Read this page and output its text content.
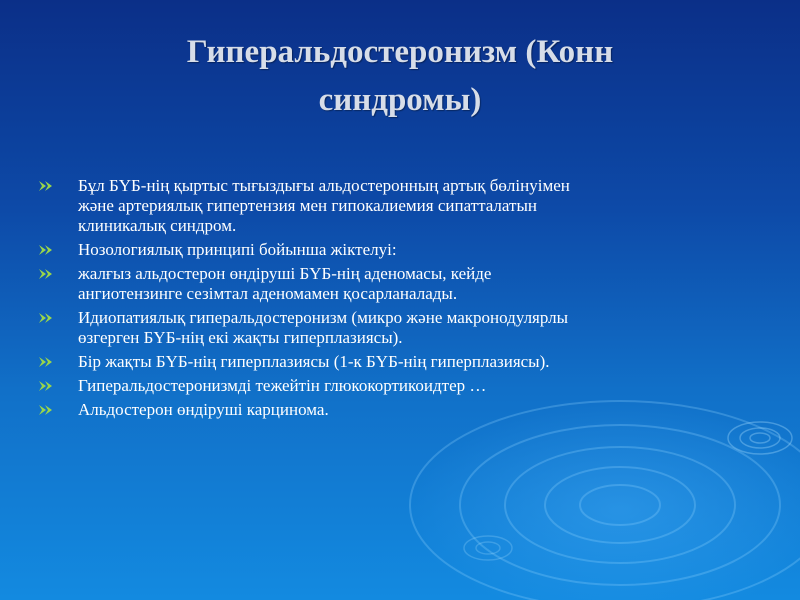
Гиперальдостеронизм (Конн
синдромы)
Бұл БҮБ-нің қыртыс тығыздығы альдостеронның артық бөлінуімен
және артериялық гипертензия мен гипокалиемия сипатталатын
клиникалық синдром.
Нозологиялық принципі бойынша жіктелуі:
жалғыз альдостерон өндіруші БҮБ-нің аденомасы, кейде
ангиотензинге сезімтал аденомамен қосарланалады.
Идиопатиялық гиперальдостеронизм (микро және макронодулярлы
өзгерген БҮБ-нің екі жақты гиперплазиясы).
Бір жақты БҮБ-нің гиперплазиясы (1-к БҮБ-нің гиперплазиясы).
Гиперальдостеронизмді тежейтін глюкокортикоидтер …
Альдостерон өндіруші карцинома.
